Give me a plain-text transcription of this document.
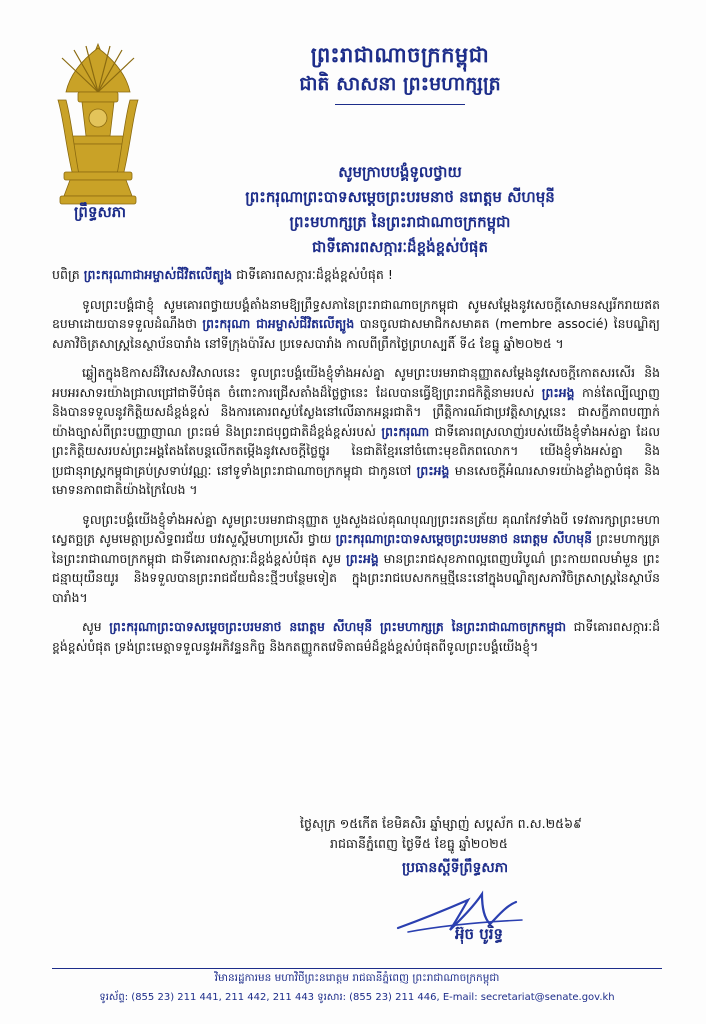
ព្រឹទ្ធសភា
ព្រះរាជាណាចក្រកម្ពុជា
ជាតិ សាសនា ព្រះមហាក្សត្រ
សូមក្រាបបង្គំទូលថ្វាយ
ព្រះករុណាព្រះបាទសម្តេចព្រះបរមនាថ នរោត្តម សីហមុនី
ព្រះមហាក្សត្រ នៃព្រះរាជាណាចក្រកម្ពុជា
ជាទីគោរពសក្ការៈដ៏ខ្ពង់ខ្ពស់បំផុត

បពិត្រ ព្រះករុណាជាអម្ចាស់ជីវិតលើត្បូង ជាទីគោរពសក្ការៈដ៏ខ្ពង់ខ្ពស់បំផុត !

ទូលព្រះបង្គំជាខ្ញុំ សូមគោរពថ្វាយបង្គំតាំងនាមឱ្យព្រឹទ្ធសភានៃព្រះរាជាណាចក្រកម្ពុជា សូមសម្តែងនូវសេចក្តីសោមនស្សរីករាយឥតឧបមាដោយបានទទួលដំណឹងថា ព្រះករុណា ជាអម្ចាស់ជីវិតលើត្បូង បានចូលជាសមាជិកសមាគត (membre associé) នៃបណ្ឌិត្យសភាវិចិត្រសាស្ត្រនៃស្ថាប័នបារាំង នៅទីក្រុងប៉ារីស ប្រទេសបារាំង កាលពីព្រឹកថ្ងៃព្រហស្បតិ៍ ទី៤ ខែធ្នូ ឆ្នាំ២០២៥ ។

ឆ្លៀតក្នុងឱកាសដ៏វិសេសវិសាលនេះ ទូលព្រះបង្គំយើងខ្ញុំទាំងអស់គ្នា សូមព្រះបរមរាជានុញ្ញាតសម្តែងនូវសេចក្តីកោតសរសើរ និងអបអរសាទរយ៉ាងជ្រាលជ្រៅជាទីបំផុត ចំពោះការជ្រើសតាំងដ៏ថ្លៃថ្លានេះ ដែលបានធ្វើឱ្យព្រះរាជកិត្តិនាមរបស់ ព្រះអង្គ កាន់តែល្បីល្បាញ និងបានទទួលនូវកិត្តិយសដ៏ខ្ពង់ខ្ពស់ និងការគោរពស្ងប់ស្ងែងនៅលើឆាកអន្តរជាតិ។ ព្រឹត្តិការណ៍ជាប្រវត្តិសាស្ត្រនេះ ជាសក្ខីភាពបញ្ជាក់យ៉ាងច្បាស់ពីព្រះបញ្ញាញាណ ព្រះធម៌ និងព្រះរាជបុព្វជាតិដ៏ខ្ពង់ខ្ពស់របស់ ព្រះករុណា ជាទីគោរពស្រលាញ់របស់យើងខ្ញុំទាំងអស់គ្នា ដែលព្រះកិត្តិយសរបស់ព្រះអង្គតែងតែបន្តលើកតម្កើងនូវសេចក្តីថ្លៃថ្នូរ នៃជាតិខ្មែរនៅចំពោះមុខពិភពលោក។ យើងខ្ញុំទាំងអស់គ្នា និងប្រជានុរាស្ត្រកម្ពុជាគ្រប់ស្រទាប់វណ្ណៈ នៅទូទាំងព្រះរាជាណាចក្រកម្ពុជា ជាកូនចៅ ព្រះអង្គ មានសេចក្តីអំណរសាទរយ៉ាងខ្លាំងក្លាបំផុត និងមោទនភាពជាតិយ៉ាងក្រៃលែង ។

ទូលព្រះបង្គំយើងខ្ញុំទាំងអស់គ្នា សូមព្រះបរមរាជានុញ្ញាត បួងសួងដល់គុណបុណ្យព្រះរតនត្រ័យ គុណកែវទាំងបី ទេវតារក្សាព្រះមហាស្វេតច្ឆត្រ សូមមេត្តាប្រសិទ្ធពរជ័យ បវរសួស្តីមហាប្រសើរ ថ្វាយ ព្រះករុណាព្រះបាទសម្តេចព្រះបរមនាថ នរោត្តម សីហមុនី ព្រះមហាក្សត្រនៃព្រះរាជាណាចក្រកម្ពុជា ជាទីគោរពសក្ការៈដ៏ខ្ពង់ខ្ពស់បំផុត សូម ព្រះអង្គ មានព្រះរាជសុខភាពល្អពេញបរិបូណ៌ ព្រះកាយពលមាំមួន ព្រះជន្មាយុយឺនយូរ និងទទួលបានព្រះរាជជ័យជំនះថ្មីៗបន្ថែមទៀត ក្នុងព្រះរាជបេសកកម្មថ្មីនេះនៅក្នុងបណ្ឌិត្យសភាវិចិត្រសាស្ត្រនៃស្ថាប័នបារាំង។

សូម ព្រះករុណាព្រះបាទសម្តេចព្រះបរមនាថ នរោត្តម សីហមុនី ព្រះមហាក្សត្រ នៃព្រះរាជាណាចក្រកម្ពុជា ជាទីគោរពសក្ការៈដ៏ខ្ពង់ខ្ពស់បំផុត ទ្រង់ព្រះមេត្តាទទួលនូវអភិវន្ទនកិច្ច និងកតញ្ញូកតវេទិតាធម៌ដ៏ខ្ពង់ខ្ពស់បំផុតពីទូលព្រះបង្គំយើងខ្ញុំ។

ថ្ងៃសុក្រ ១៥កើត ខែមិគសិរ ឆ្នាំម្សាញ់ សប្តស័ក ព.ស.២៥៦៩
រាជធានីភ្នំពេញ ថ្ងៃទី៥ ខែធ្នូ ឆ្នាំ២០២៥
ប្រធានស្តីទីព្រឹទ្ធសភា
អ៊ុច បូរិទ្ធ
វិមានរដ្ឋការមន មហាវិថីព្រះនរោត្តម រាជធានីភ្នំពេញ ព្រះរាជាណាចក្រកម្ពុជា
ទូរស័ព្ទ: (855 23) 211 441, 211 442, 211 443 ទូរសារ: (855 23) 211 446, E-mail: secretariat@senate.gov.kh
